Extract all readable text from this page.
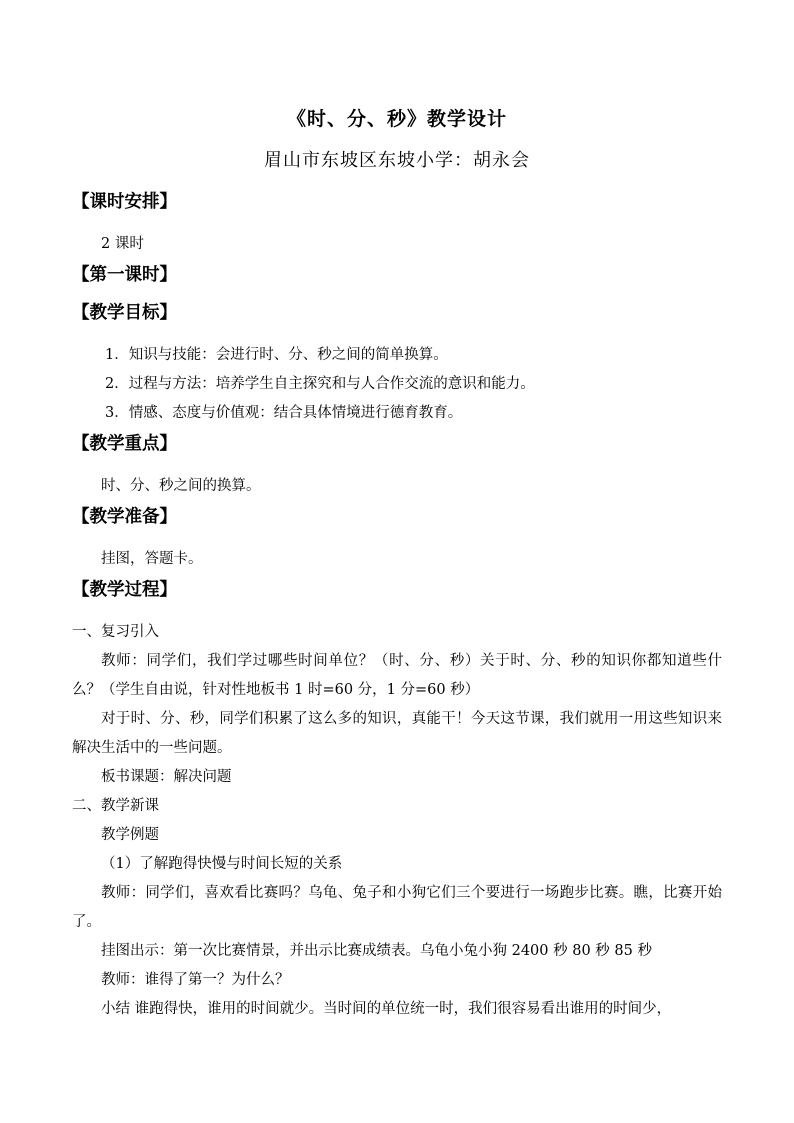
《时、分、秒》教学设计
眉山市东坡区东坡小学：胡永会

【课时安排】

2 课时

【第一课时】

【教学目标】

1．知识与技能：会进行时、分、秒之间的简单换算。

2．过程与方法：培养学生自主探究和与人合作交流的意识和能力。

3．情感、态度与价值观：结合具体情境进行德育教育。

【教学重点】

时、分、秒之间的换算。

【教学准备】

挂图，答题卡。

【教学过程】

一、复习引入

教师：同学们，我们学过哪些时间单位？（时、分、秒）关于时、分、秒的知识你都知道些什么？（学生自由说，针对性地板书 1 时=60 分，1 分=60 秒）

对于时、分、秒，同学们积累了这么多的知识，真能干！今天这节课，我们就用一用这些知识来解决生活中的一些问题。

板书课题：解决问题

二、教学新课

教学例题

（1）了解跑得快慢与时间长短的关系

教师：同学们，喜欢看比赛吗？乌龟、兔子和小狗它们三个要进行一场跑步比赛。瞧，比赛开始了。

挂图出示：第一次比赛情景，并出示比赛成绩表。乌龟小兔小狗 2400 秒 80 秒 85 秒

教师：谁得了第一？为什么？

小结 谁跑得快，谁用的时间就少。当时间的单位统一时，我们很容易看出谁用的时间少，
